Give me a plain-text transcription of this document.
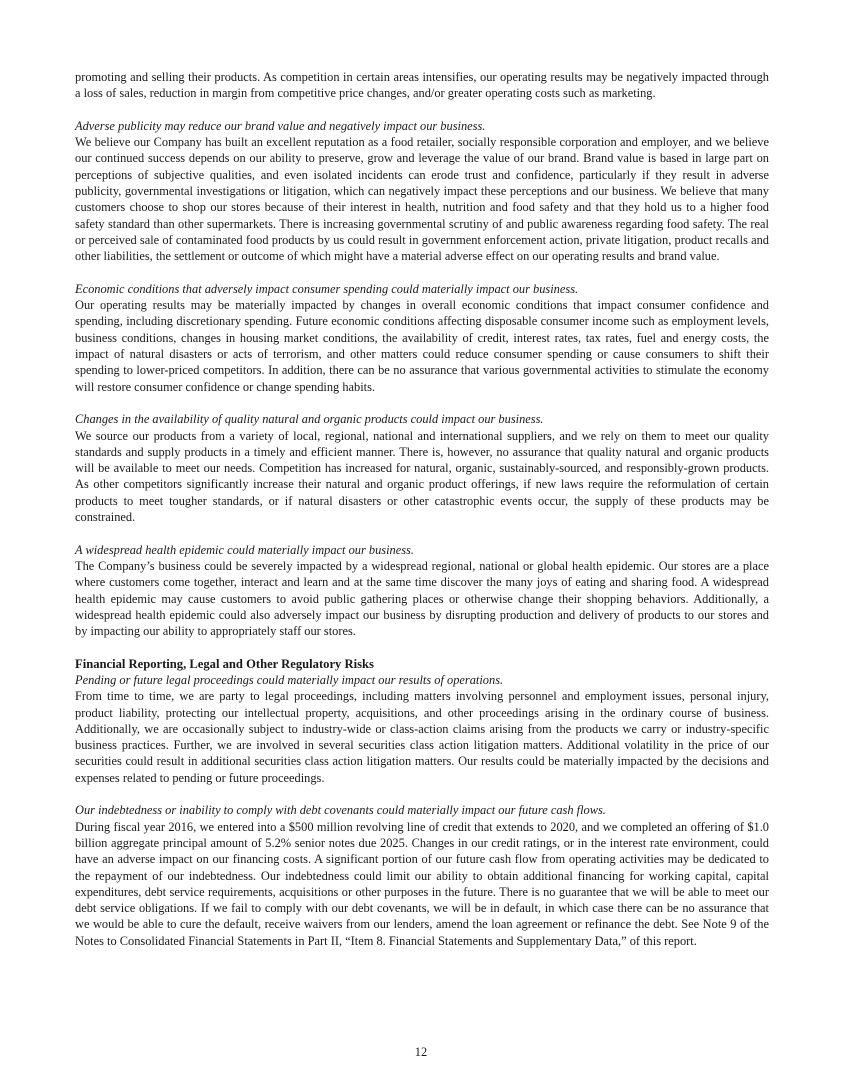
promoting and selling their products. As competition in certain areas intensifies, our operating results may be negatively impacted through a loss of sales, reduction in margin from competitive price changes, and/or greater operating costs such as marketing.

Adverse publicity may reduce our brand value and negatively impact our business.

We believe our Company has built an excellent reputation as a food retailer, socially responsible corporation and employer, and we believe our continued success depends on our ability to preserve, grow and leverage the value of our brand. Brand value is based in large part on perceptions of subjective qualities, and even isolated incidents can erode trust and confidence, particularly if they result in adverse publicity, governmental investigations or litigation, which can negatively impact these perceptions and our business. We believe that many customers choose to shop our stores because of their interest in health, nutrition and food safety and that they hold us to a higher food safety standard than other supermarkets. There is increasing governmental scrutiny of and public awareness regarding food safety. The real or perceived sale of contaminated food products by us could result in government enforcement action, private litigation, product recalls and other liabilities, the settlement or outcome of which might have a material adverse effect on our operating results and brand value.

Economic conditions that adversely impact consumer spending could materially impact our business.

Our operating results may be materially impacted by changes in overall economic conditions that impact consumer confidence and spending, including discretionary spending. Future economic conditions affecting disposable consumer income such as employment levels, business conditions, changes in housing market conditions, the availability of credit, interest rates, tax rates, fuel and energy costs, the impact of natural disasters or acts of terrorism, and other matters could reduce consumer spending or cause consumers to shift their spending to lower-priced competitors. In addition, there can be no assurance that various governmental activities to stimulate the economy will restore consumer confidence or change spending habits.

Changes in the availability of quality natural and organic products could impact our business.

We source our products from a variety of local, regional, national and international suppliers, and we rely on them to meet our quality standards and supply products in a timely and efficient manner. There is, however, no assurance that quality natural and organic products will be available to meet our needs. Competition has increased for natural, organic, sustainably-sourced, and responsibly-grown products. As other competitors significantly increase their natural and organic product offerings, if new laws require the reformulation of certain products to meet tougher standards, or if natural disasters or other catastrophic events occur, the supply of these products may be constrained.

A widespread health epidemic could materially impact our business.

The Company’s business could be severely impacted by a widespread regional, national or global health epidemic. Our stores are a place where customers come together, interact and learn and at the same time discover the many joys of eating and sharing food. A widespread health epidemic may cause customers to avoid public gathering places or otherwise change their shopping behaviors. Additionally, a widespread health epidemic could also adversely impact our business by disrupting production and delivery of products to our stores and by impacting our ability to appropriately staff our stores.

Financial Reporting, Legal and Other Regulatory Risks

Pending or future legal proceedings could materially impact our results of operations.

From time to time, we are party to legal proceedings, including matters involving personnel and employment issues, personal injury, product liability, protecting our intellectual property, acquisitions, and other proceedings arising in the ordinary course of business. Additionally, we are occasionally subject to industry-wide or class-action claims arising from the products we carry or industry-specific business practices. Further, we are involved in several securities class action litigation matters. Additional volatility in the price of our securities could result in additional securities class action litigation matters. Our results could be materially impacted by the decisions and expenses related to pending or future proceedings.

Our indebtedness or inability to comply with debt covenants could materially impact our future cash flows.

During fiscal year 2016, we entered into a $500 million revolving line of credit that extends to 2020, and we completed an offering of $1.0 billion aggregate principal amount of 5.2% senior notes due 2025. Changes in our credit ratings, or in the interest rate environment, could have an adverse impact on our financing costs. A significant portion of our future cash flow from operating activities may be dedicated to the repayment of our indebtedness. Our indebtedness could limit our ability to obtain additional financing for working capital, capital expenditures, debt service requirements, acquisitions or other purposes in the future. There is no guarantee that we will be able to meet our debt service obligations. If we fail to comply with our debt covenants, we will be in default, in which case there can be no assurance that we would be able to cure the default, receive waivers from our lenders, amend the loan agreement or refinance the debt. See Note 9 of the Notes to Consolidated Financial Statements in Part II, “Item 8. Financial Statements and Supplementary Data,” of this report.

12
